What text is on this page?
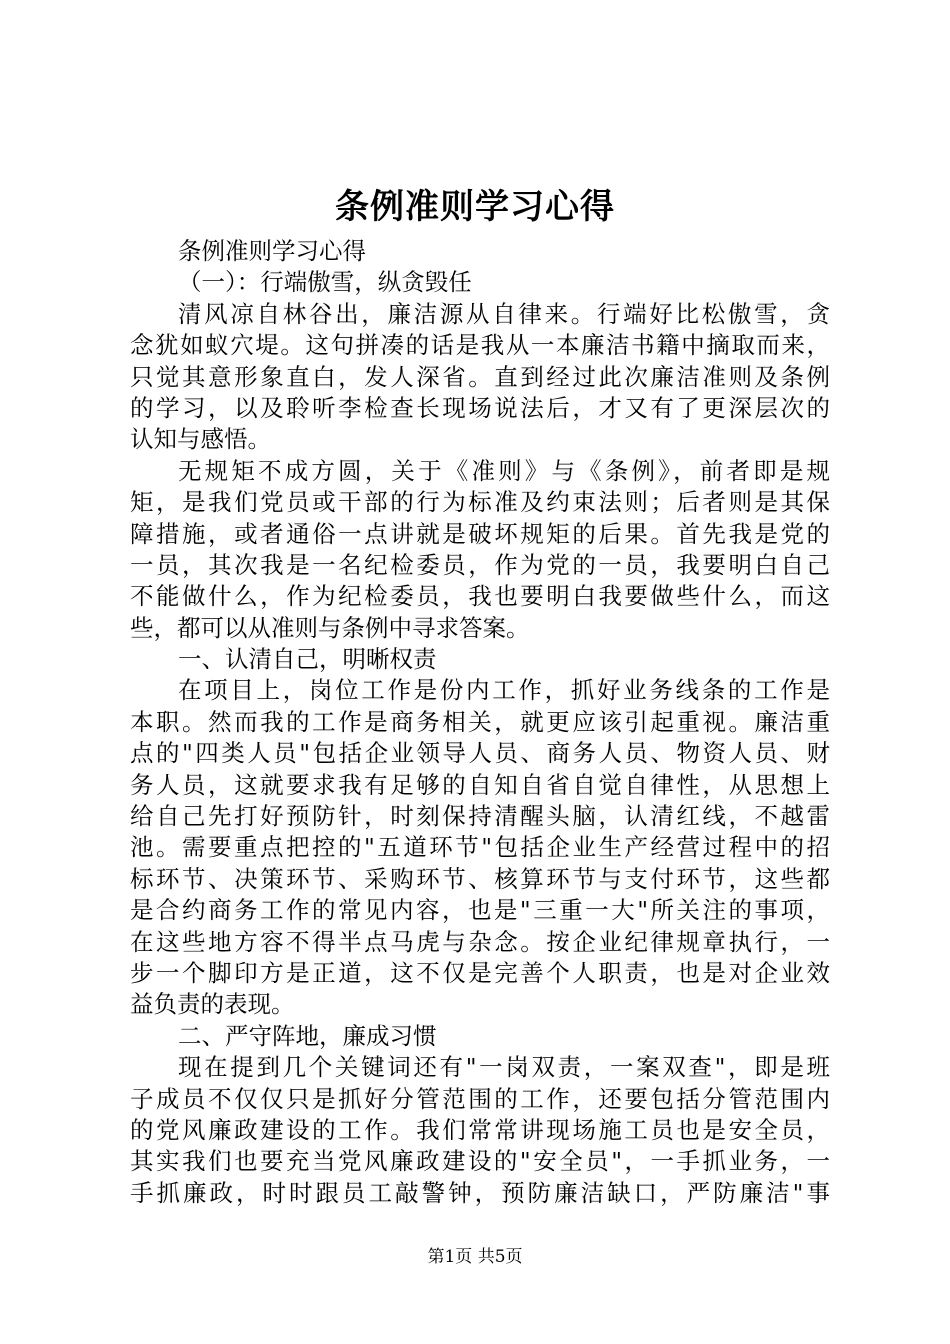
条例准则学习心得
条例准则学习心得
（一）：行端傲雪，纵贪毁任
清风凉自林谷出，廉洁源从自律来。行端好比松傲雪，贪
念犹如蚁穴堤。这句拼凑的话是我从一本廉洁书籍中摘取而来，
只觉其意形象直白，发人深省。直到经过此次廉洁准则及条例
的学习，以及聆听李检查长现场说法后，才又有了更深层次的
认知与感悟。
无规矩不成方圆，关于《准则》与《条例》，前者即是规
矩，是我们党员或干部的行为标准及约束法则；后者则是其保
障措施，或者通俗一点讲就是破坏规矩的后果。首先我是党的
一员，其次我是一名纪检委员，作为党的一员，我要明白自己
不能做什么，作为纪检委员，我也要明白我要做些什么，而这
些，都可以从准则与条例中寻求答案。
一、认清自己，明晰权责
在项目上，岗位工作是份内工作，抓好业务线条的工作是
本职。然而我的工作是商务相关，就更应该引起重视。廉洁重
点的"四类人员"包括企业领导人员、商务人员、物资人员、财
务人员，这就要求我有足够的自知自省自觉自律性，从思想上
给自己先打好预防针，时刻保持清醒头脑，认清红线，不越雷
池。需要重点把控的"五道环节"包括企业生产经营过程中的招
标环节、决策环节、采购环节、核算环节与支付环节，这些都
是合约商务工作的常见内容，也是"三重一大"所关注的事项，
在这些地方容不得半点马虎与杂念。按企业纪律规章执行，一
步一个脚印方是正道，这不仅是完善个人职责，也是对企业效
益负责的表现。
二、严守阵地，廉成习惯
现在提到几个关键词还有"一岗双责，一案双查"，即是班
子成员不仅仅只是抓好分管范围的工作，还要包括分管范围内
的党风廉政建设的工作。我们常常讲现场施工员也是安全员，
其实我们也要充当党风廉政建设的"安全员"，一手抓业务，一
手抓廉政，时时跟员工敲警钟，预防廉洁缺口，严防廉洁"事
第1页 共5页
